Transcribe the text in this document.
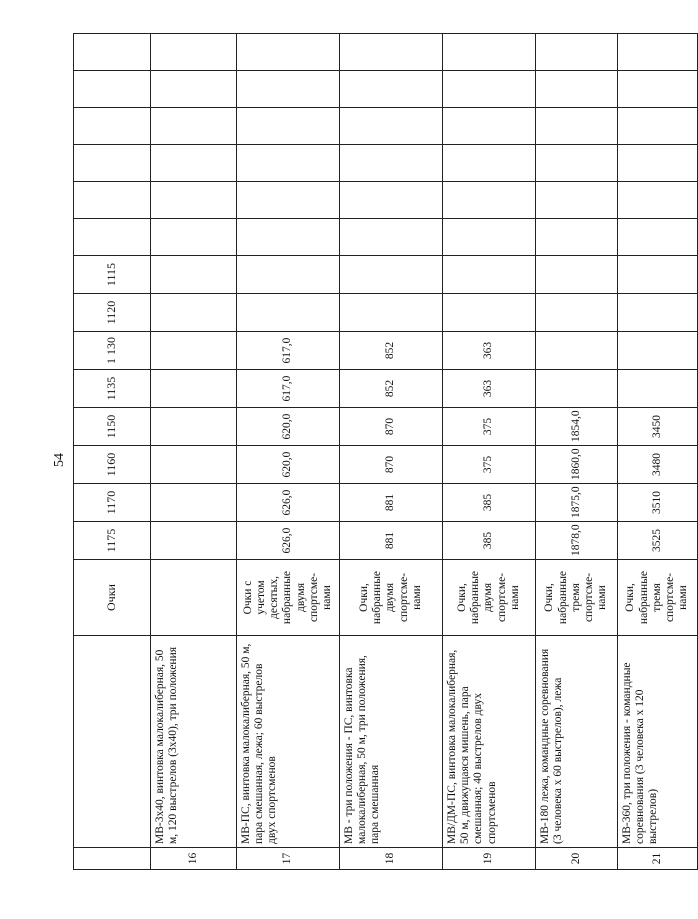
54
		Очки	1175	1170	1160	1150	1135	1 130	1120	1115						
16	МВ-3х40, винтовка малокалиберная, 50 м, 120 выстрелов (3х40), три положения															
17	МВ-ПС, винтовка малокалиберная, 50 м, пара смешанная, лежа; 60 выстрелов двух спортсменов	Очки с учетом десятых, набранные двумя спортсме-нами	626,0	626,0	620,0	620,0	617,0	617,0								
18	МВ - три положения - ПС, винтовка малокалиберная, 50 м, три положения, пара смешанная	Очки, набранные двумя спортсме-нами	881	881	870	870	852	852								
19	МВ/ДМ-ПС, винтовка малокалиберная, 50 м, движущаяся мишень, пара смешанная; 40 выстрелов двух спортсменов	Очки, набранные двумя спортсме-нами	385	385	375	375	363	363								
20	МВ-180 лежа, командные соревнования (3 человека х 60 выстрелов), лежа	Очки, набранные тремя спортсме-нами	1878,0	1875,0	1860,0	1854,0										
21	МВ-360, три положения - командные соревнования (3 человека х 120 выстрелов)	Очки, набранные тремя спортсме-нами	3525	3510	3480	3450										
